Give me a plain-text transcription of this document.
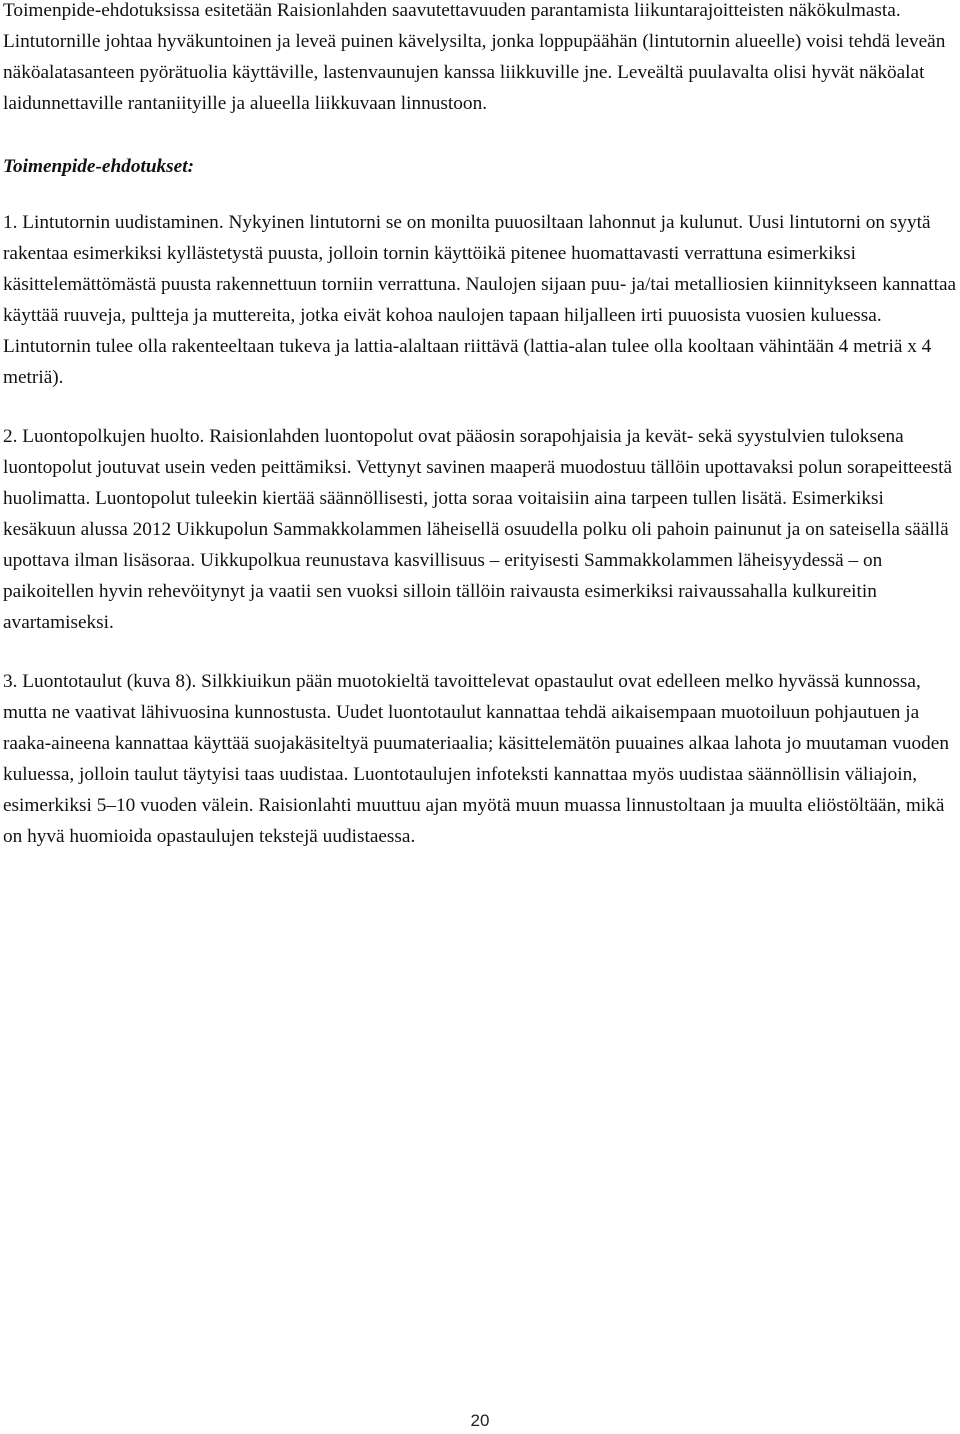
Toimenpide-ehdotuksissa esitetään Raisionlahden saavutettavuuden parantamista liikuntarajoitteisten näkökulmasta. Lintutornille johtaa hyväkuntoinen ja leveä puinen kävelysilta, jonka loppupäähän (lintutornin alueelle) voisi tehdä leveän näköalatasanteen pyörätuolia käyttäville, lastenvaunujen kanssa liikkuville jne. Leveältä puulavalta olisi hyvät näköalat laidunnettaville rantaniityille ja alueella liikkuvaan linnustoon.

Toimenpide-ehdotukset:

1. Lintutornin uudistaminen. Nykyinen lintutorni se on monilta puuosiltaan lahonnut ja kulunut. Uusi lintutorni on syytä rakentaa esimerkiksi kyllästetystä puusta, jolloin tornin käyttöikä pitenee huomattavasti verrattuna esimerkiksi käsittelemättömästä puusta rakennettuun torniin verrattuna. Naulojen sijaan puu- ja/tai metalliosien kiinnitykseen kannattaa käyttää ruuveja, pultteja ja muttereita, jotka eivät kohoa naulojen tapaan hiljalleen irti puuosista vuosien kuluessa. Lintutornin tulee olla rakenteeltaan tukeva ja lattia-alaltaan riittävä (lattia-alan tulee olla kooltaan vähintään 4 metriä x 4 metriä).

2. Luontopolkujen huolto. Raisionlahden luontopolut ovat pääosin sorapohjaisia ja kevät- sekä syystulvien tuloksena luontopolut joutuvat usein veden peittämiksi. Vettynyt savinen maaperä muodostuu tällöin upottavaksi polun sorapeitteestä huolimatta. Luontopolut tuleekin kiertää säännöllisesti, jotta soraa voitaisiin aina tarpeen tullen lisätä. Esimerkiksi kesäkuun alussa 2012 Uikkupolun Sammakkolammen läheisellä osuudella polku oli pahoin painunut ja on sateisella säällä upottava ilman lisäsoraa. Uikkupolkua reunustava kasvillisuus – erityisesti Sammakkolammen läheisyydessä – on paikoitellen hyvin rehevöitynyt ja vaatii sen vuoksi silloin tällöin raivausta esimerkiksi raivaussahalla kulkureitin avartamiseksi.

3. Luontotaulut (kuva 8). Silkkiuikun pään muotokieltä tavoittelevat opastaulut ovat edelleen melko hyvässä kunnossa, mutta ne vaativat lähivuosina kunnostusta. Uudet luontotaulut kannattaa tehdä aikaisempaan muotoiluun pohjautuen ja raaka-aineena kannattaa käyttää suojakäsiteltyä puumateriaalia; käsittelemätön puuaines alkaa lahota jo muutaman vuoden kuluessa, jolloin taulut täytyisi taas uudistaa. Luontotaulujen infoteksti kannattaa myös uudistaa säännöllisin väliajoin, esimerkiksi 5–10 vuoden välein. Raisionlahti muuttuu ajan myötä muun muassa linnustoltaan ja muulta eliöstöltään, mikä on hyvä huomioida opastaulujen tekstejä uudistaessa.

20
